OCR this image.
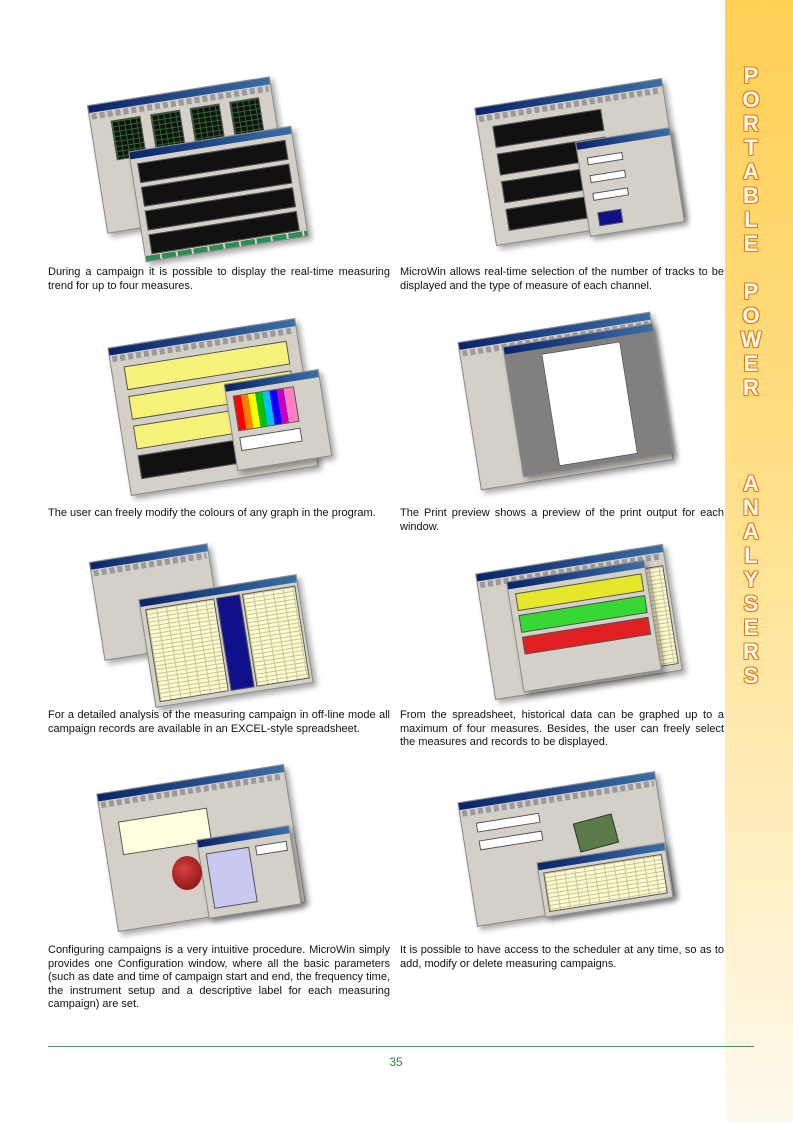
P
O
R
T
A
B
L
E
P
O
W
E
R
A
N
A
L
Y
S
E
R
S
During a campaign it is possible to display the real-time measuring trend for up to four measures.
MicroWin allows real-time selection of the number of tracks to be displayed and the type of measure of each channel.
The user can freely modify the colours of any graph in the program.	The Print preview shows a preview of the print output for each window.
For a detailed analysis of the measuring campaign in off-line mode all campaign records are available in an EXCEL-style spreadsheet.
From the spreadsheet, historical data can be graphed up to a maximum of four measures. Besides, the user can freely select the measures and records to be displayed.
Configuring campaigns is a very intuitive procedure. MicroWin simply provides one Configuration window, where all the basic parameters (such as date and time of campaign start and end, the frequency time, the instrument setup and a descriptive label for each measuring campaign) are set.
It is possible to have access to the scheduler at any time, so as to add, modify or delete measuring campaigns.
35
